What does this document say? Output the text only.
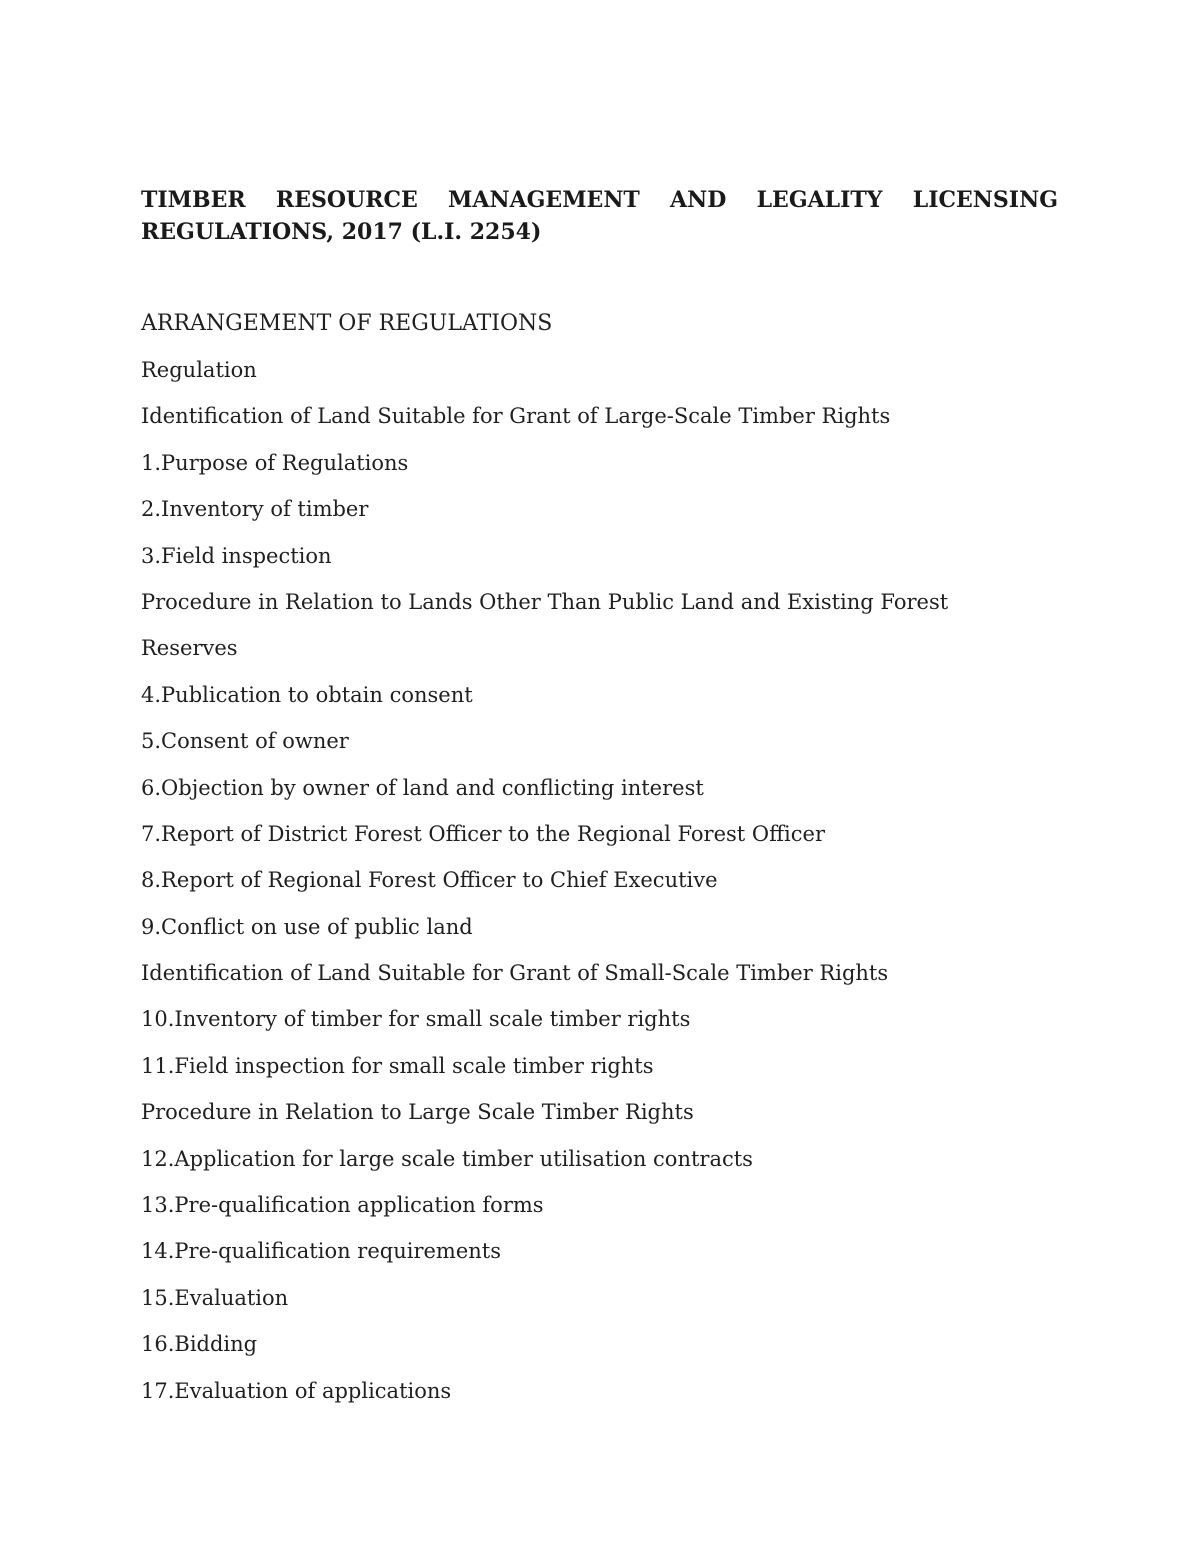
TIMBER RESOURCE MANAGEMENT AND LEGALITY LICENSING REGULATIONS, 2017 (L.I. 2254)

ARRANGEMENT OF REGULATIONS

Regulation
Identification of Land Suitable for Grant of Large-Scale Timber Rights
1.Purpose of Regulations
2.Inventory of timber
3.Field inspection
Procedure in Relation to Lands Other Than Public Land and Existing Forest
Reserves
4.Publication to obtain consent
5.Consent of owner
6.Objection by owner of land and conflicting interest
7.Report of District Forest Officer to the Regional Forest Officer
8.Report of Regional Forest Officer to Chief Executive
9.Conflict on use of public land
Identification of Land Suitable for Grant of Small-Scale Timber Rights
10.Inventory of timber for small scale timber rights
11.Field inspection for small scale timber rights
Procedure in Relation to Large Scale Timber Rights
12.Application for large scale timber utilisation contracts
13.Pre-qualification application forms
14.Pre-qualification requirements
15.Evaluation
16.Bidding
17.Evaluation of applications
